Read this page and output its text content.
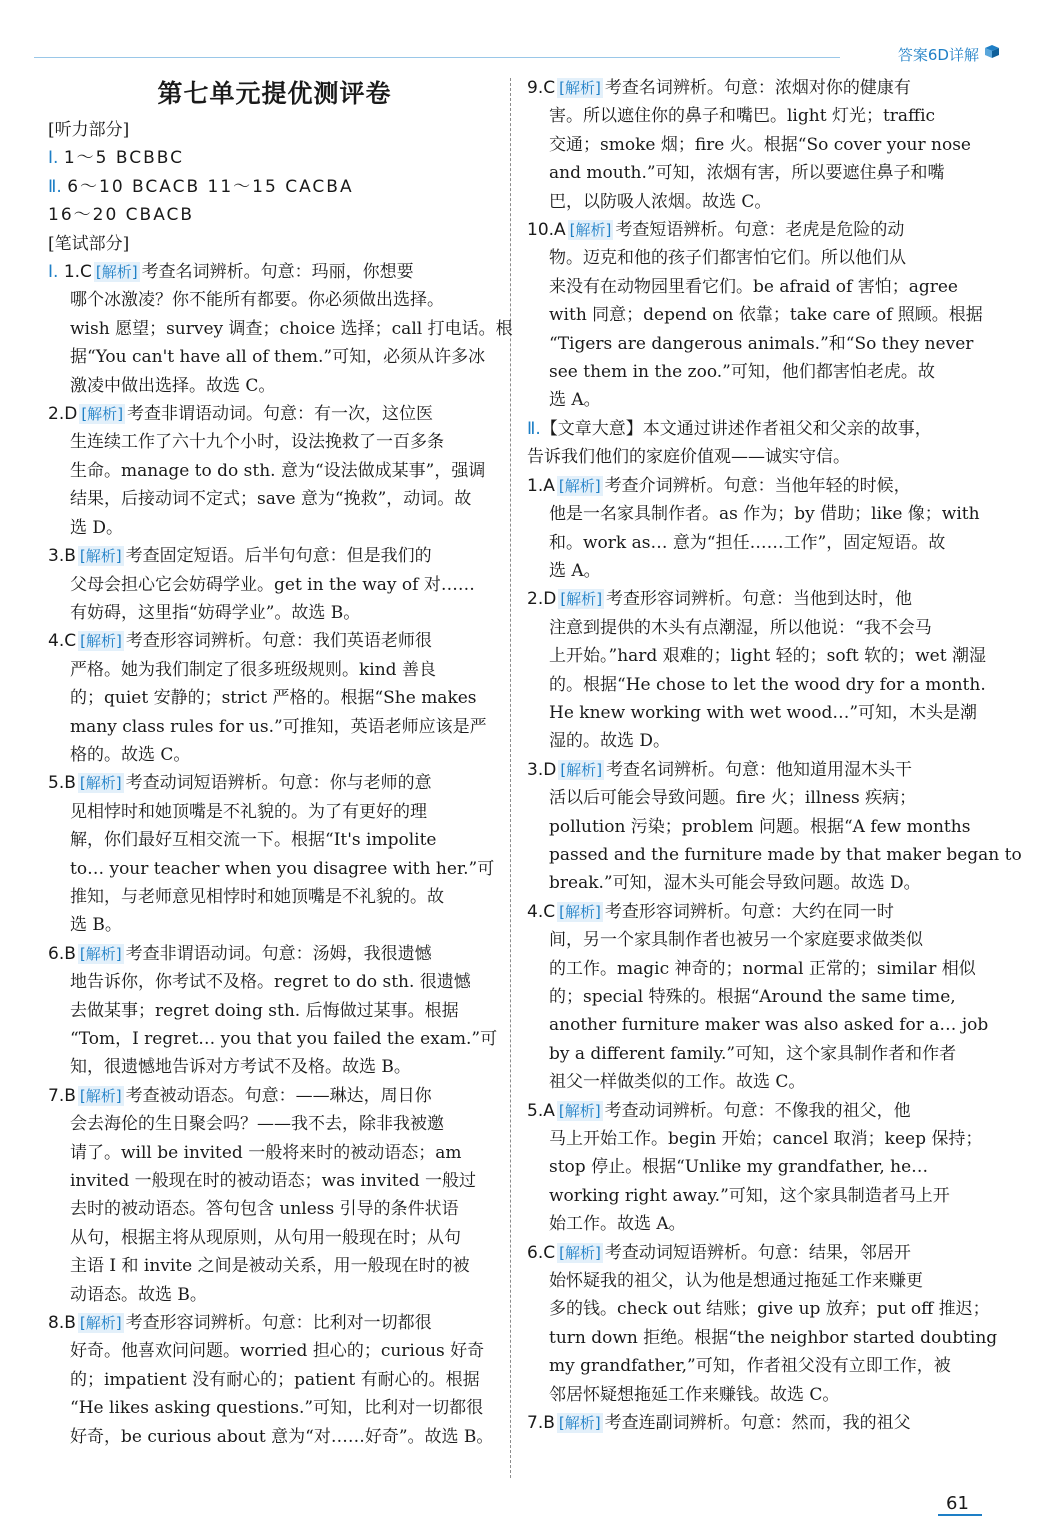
答案6D详解
第七单元提优测评卷
[听力部分]
Ⅰ. 1～5 BCBBC
Ⅱ. 6～10 BCACB 11～15 CACBA
16～20 CBACB
[笔试部分]

Ⅰ. 1.C [ 解析 ] 考查名词辨析。句意：玛丽，你想要

哪个冰激凌？你不能所有都要。你必须做出选择。

wish 愿望；survey 调查；choice 选择；call 打电话。根

据“You can't have all of them.”可知，必须从许多冰

激凌中做出选择。故选 C。

2.D [ 解析 ] 考查非谓语动词。句意：有一次，这位医

生连续工作了六十九个小时，设法挽救了一百多条

生命。manage to do sth. 意为“设法做成某事”，强调

结果，后接动词不定式；save 意为“挽救”，动词。故

选 D。

3.B [ 解析 ] 考查固定短语。后半句句意：但是我们的

父母会担心它会妨碍学业。get in the way of 对……

有妨碍，这里指“妨碍学业”。故选 B。

4.C [ 解析 ] 考查形容词辨析。句意：我们英语老师很

严格。她为我们制定了很多班级规则。kind 善良

的；quiet 安静的；strict 严格的。根据“She makes

many class rules for us.”可推知，英语老师应该是严

格的。故选 C。

5.B [ 解析 ] 考查动词短语辨析。句意：你与老师的意

见相悖时和她顶嘴是不礼貌的。为了有更好的理

解，你们最好互相交流一下。根据“It's impolite

to… your teacher when you disagree with her.”可

推知，与老师意见相悖时和她顶嘴是不礼貌的。故

选 B。

6.B [ 解析 ] 考查非谓语动词。句意：汤姆，我很遗憾

地告诉你，你考试不及格。regret to do sth. 很遗憾

去做某事；regret doing sth. 后悔做过某事。根据

“Tom，I regret… you that you failed the exam.”可

知，很遗憾地告诉对方考试不及格。故选 B。

7.B [ 解析 ] 考查被动语态。句意：——琳达，周日你

会去海伦的生日聚会吗？——我不去，除非我被邀

请了。will be invited 一般将来时的被动语态；am

invited 一般现在时的被动语态；was invited 一般过

去时的被动语态。答句包含 unless 引导的条件状语

从句，根据主将从现原则，从句用一般现在时；从句

主语 I 和 invite 之间是被动关系，用一般现在时的被

动语态。故选 B。

8.B [ 解析 ] 考查形容词辨析。句意：比利对一切都很

好奇。他喜欢问问题。worried 担心的；curious 好奇

的；impatient 没有耐心的；patient 有耐心的。根据

“He likes asking questions.”可知，比利对一切都很

好奇，be curious about 意为“对……好奇”。故选 B。

9.C [ 解析 ] 考查名词辨析。句意：浓烟对你的健康有

害。所以遮住你的鼻子和嘴巴。light 灯光；traffic

交通；smoke 烟；fire 火。根据“So cover your nose

and mouth.”可知，浓烟有害，所以要遮住鼻子和嘴

巴，以防吸人浓烟。故选 C。

10.A [ 解析 ] 考查短语辨析。句意：老虎是危险的动

物。迈克和他的孩子们都害怕它们。所以他们从

来没有在动物园里看它们。be afraid of 害怕；agree

with 同意；depend on 依靠；take care of 照顾。根据

“Tigers are dangerous animals.”和“So they never

see them in the zoo.”可知，他们都害怕老虎。故

选 A。

Ⅱ.【文章大意】本文通过讲述作者祖父和父亲的故事，

告诉我们他们的家庭价值观——诚实守信。

1.A [ 解析 ] 考查介词辨析。句意：当他年轻的时候，

他是一名家具制作者。as 作为；by 借助；like 像；with

和。work as… 意为“担任……工作”，固定短语。故

选 A。

2.D [ 解析 ] 考查形容词辨析。句意：当他到达时，他

注意到提供的木头有点潮湿，所以他说：“我不会马

上开始。”hard 艰难的；light 轻的；soft 软的；wet 潮湿

的。根据“He chose to let the wood dry for a month.

He knew working with wet wood…”可知，木头是潮

湿的。故选 D。

3.D [ 解析 ] 考查名词辨析。句意：他知道用湿木头干

活以后可能会导致问题。fire 火；illness 疾病；

pollution 污染；problem 问题。根据“A few months

passed and the furniture made by that maker began to

break.”可知，湿木头可能会导致问题。故选 D。

4.C [ 解析 ] 考查形容词辨析。句意：大约在同一时

间，另一个家具制作者也被另一个家庭要求做类似

的工作。magic 神奇的；normal 正常的；similar 相似

的；special 特殊的。根据“Around the same time,

another furniture maker was also asked for a… job

by a different family.”可知，这个家具制作者和作者

祖父一样做类似的工作。故选 C。

5.A [ 解析 ] 考查动词辨析。句意：不像我的祖父，他

马上开始工作。begin 开始；cancel 取消；keep 保持；

stop 停止。根据“Unlike my grandfather, he…

working right away.”可知，这个家具制造者马上开

始工作。故选 A。

6.C [ 解析 ] 考查动词短语辨析。句意：结果，邻居开

始怀疑我的祖父，认为他是想通过拖延工作来赚更

多的钱。check out 结账；give up 放弃；put off 推迟；

turn down 拒绝。根据“the neighbor started doubting

my grandfather,”可知，作者祖父没有立即工作，被

邻居怀疑想拖延工作来赚钱。故选 C。

7.B [ 解析 ] 考查连副词辨析。句意：然而，我的祖父

61
